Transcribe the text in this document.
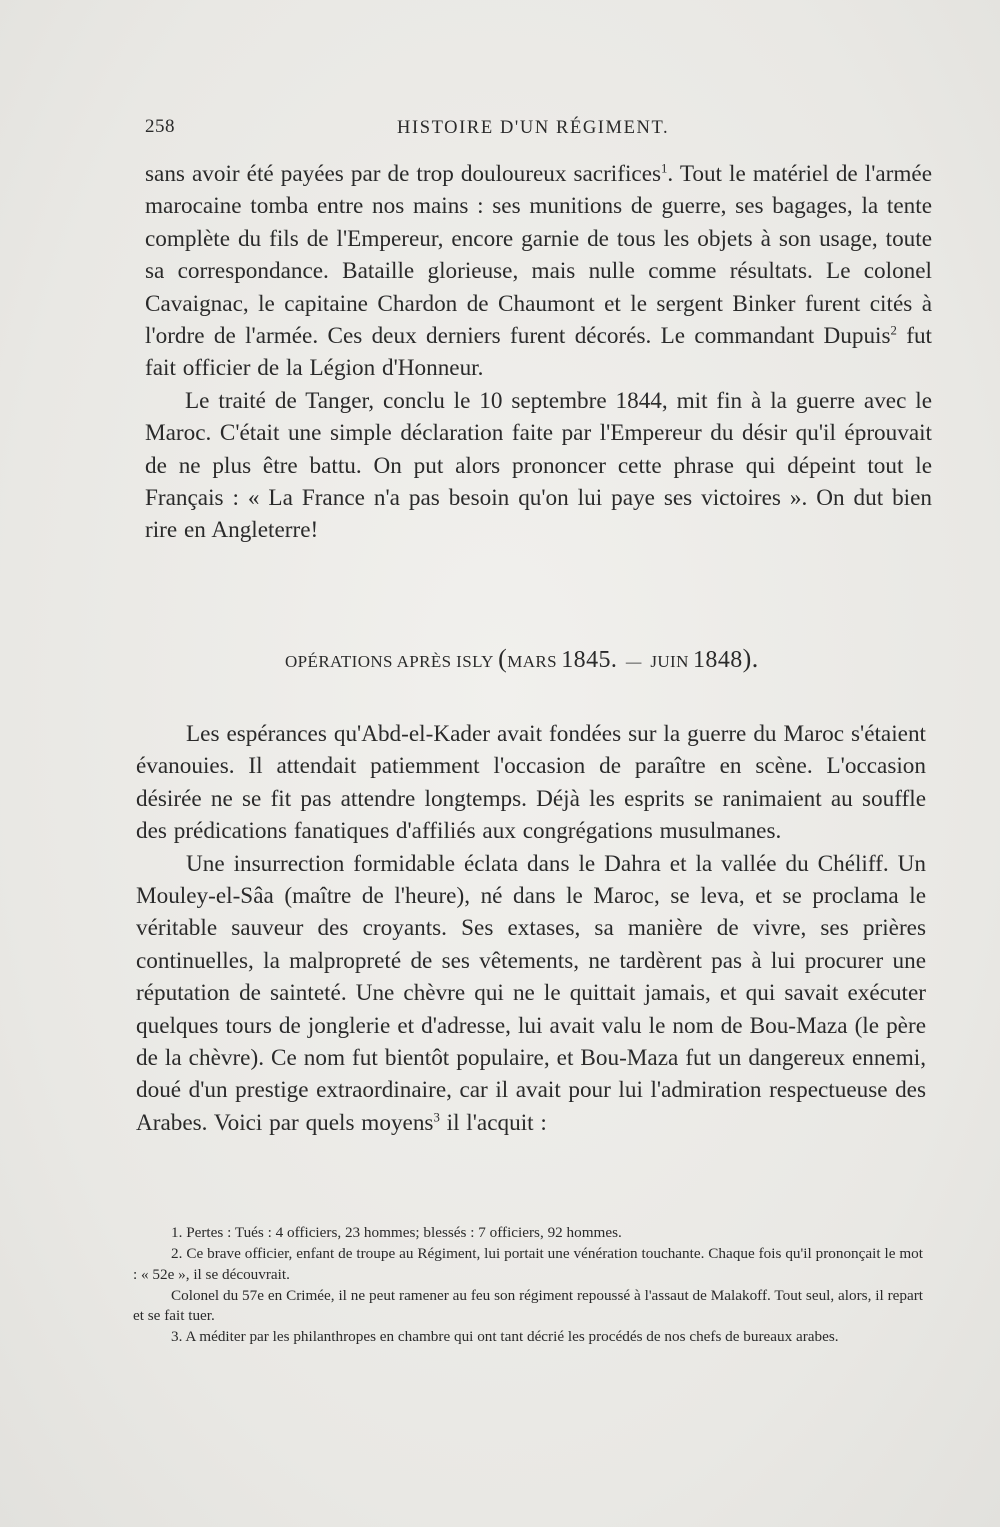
258	HISTOIRE D'UN RÉGIMENT.

sans avoir été payées par de trop douloureux sacrifices$^1$. Tout le matériel de l'armée marocaine tomba entre nos mains : ses munitions de guerre, ses bagages, la tente complète du fils de l'Empereur, encore garnie de tous les objets à son usage, toute sa correspondance. Bataille glorieuse, mais nulle comme résultats. Le colonel Cavaignac, le capitaine Chardon de Chaumont et le sergent Binker furent cités à l'ordre de l'armée. Ces deux derniers furent décorés. Le commandant Dupuis$^2$ fut fait officier de la Légion d'Honneur.

Le traité de Tanger, conclu le 10 septembre 1844, mit fin à la guerre avec le Maroc. C'était une simple déclaration faite par l'Empereur du désir qu'il éprouvait de ne plus être battu. On put alors prononcer cette phrase qui dépeint tout le Français : « La France n'a pas besoin qu'on lui paye ses victoires ». On dut bien rire en Angleterre!

OPÉRATIONS APRÈS ISLY (MARS 1845. — JUIN 1848).

Les espérances qu'Abd-el-Kader avait fondées sur la guerre du Maroc s'étaient évanouies. Il attendait patiemment l'occasion de paraître en scène. L'occasion désirée ne se fit pas attendre longtemps. Déjà les esprits se ranimaient au souffle des prédications fanatiques d'affiliés aux congrégations musulmanes.

Une insurrection formidable éclata dans le Dahra et la vallée du Chéliff. Un Mouley-el-Sâa (maître de l'heure), né dans le Maroc, se leva, et se proclama le véritable sauveur des croyants. Ses extases, sa manière de vivre, ses prières continuelles, la malpropreté de ses vêtements, ne tardèrent pas à lui procurer une réputation de sainteté. Une chèvre qui ne le quittait jamais, et qui savait exécuter quelques tours de jonglerie et d'adresse, lui avait valu le nom de Bou-Maza (le père de la chèvre). Ce nom fut bientôt populaire, et Bou-Maza fut un dangereux ennemi, doué d'un prestige extraordinaire, car il avait pour lui l'admiration respectueuse des Arabes. Voici par quels moyens$^3$ il l'acquit :

1. Pertes : Tués : 4 officiers, 23 hommes; blessés : 7 officiers, 92 hommes.

2. Ce brave officier, enfant de troupe au Régiment, lui portait une vénération touchante. Chaque fois qu'il prononçait le mot : « 52e », il se découvrait.

Colonel du 57e en Crimée, il ne peut ramener au feu son régiment repoussé à l'assaut de Malakoff. Tout seul, alors, il repart et se fait tuer.

3. A méditer par les philanthropes en chambre qui ont tant décrié les procédés de nos chefs de bureaux arabes.
